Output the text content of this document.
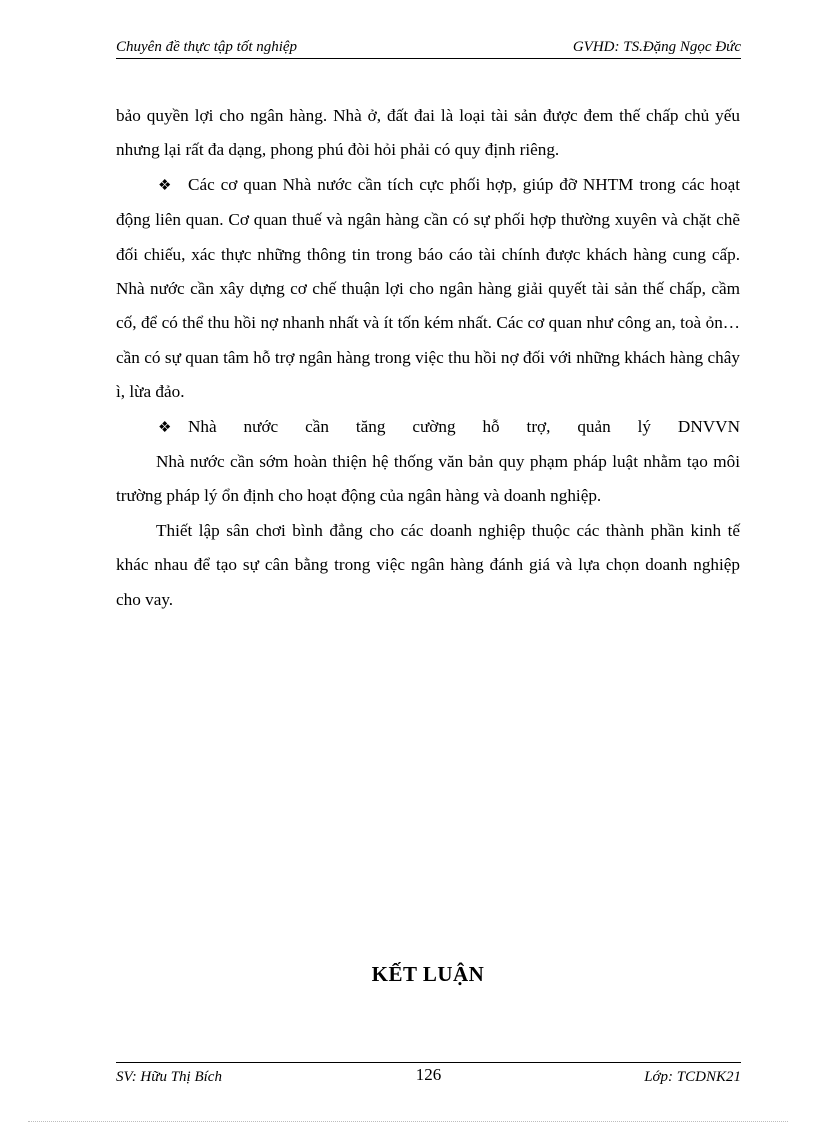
Chuyên đề thực tập tốt nghiệp	GVHD: TS.Đặng Ngọc Đức

bảo quyền lợi cho ngân hàng. Nhà ở, đất đai là loại tài sản được đem thế chấp chủ yếu nhưng lại rất đa dạng, phong phú đòi hỏi phải có quy định riêng.

❖ Các cơ quan Nhà nước cần tích cực phối hợp, giúp đỡ NHTM trong các hoạt động liên quan. Cơ quan thuế và ngân hàng cần có sự phối hợp thường xuyên và chặt chẽ đối chiếu, xác thực những thông tin trong báo cáo tài chính được khách hàng cung cấp. Nhà nước cần xây dựng cơ chế thuận lợi cho ngân hàng giải quyết tài sản thế chấp, cầm cố, để có thể thu hồi nợ nhanh nhất và ít tốn kém nhất. Các cơ quan như công an, toà ỏn…cần có sự quan tâm hỗ trợ ngân hàng trong việc thu hồi nợ đối với những khách hàng chây ì, lừa đảo.

❖ Nhà nước cần tăng cường hỗ trợ, quản lý DNVVN

Nhà nước cần sớm hoàn thiện hệ thống văn bản quy phạm pháp luật nhằm tạo môi trường pháp lý ổn định cho hoạt động của ngân hàng và doanh nghiệp.

Thiết lập sân chơi bình đẳng cho các doanh nghiệp thuộc các thành phần kinh tế khác nhau để tạo sự cân bằng trong việc ngân hàng đánh giá và lựa chọn doanh nghiệp cho vay.

KẾT LUẬN
SV: Hữu Thị Bích	126	Lớp: TCDNK21
